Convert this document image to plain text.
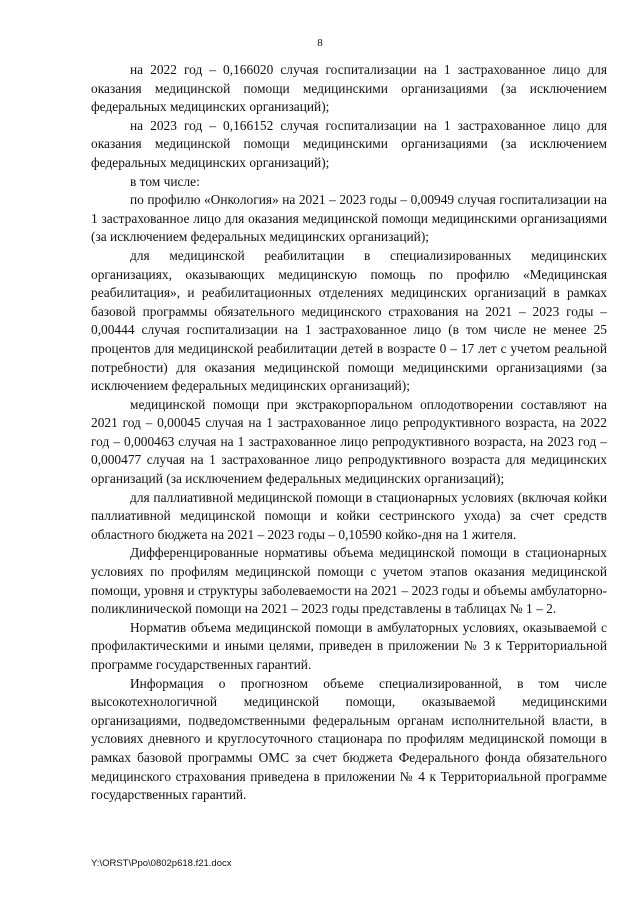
8

на 2022 год – 0,166020 случая госпитализации на 1 застрахованное лицо для оказания медицинской помощи медицинскими организациями (за исключением федеральных медицинских организаций);

на 2023 год – 0,166152 случая госпитализации на 1 застрахованное лицо для оказания медицинской помощи медицинскими организациями (за исключением федеральных медицинских организаций);

в том числе:

по профилю «Онкология» на 2021 – 2023 годы – 0,00949 случая госпитализации на 1 застрахованное лицо для оказания медицинской помощи медицинскими организациями (за исключением федеральных медицинских организаций);

для медицинской реабилитации в специализированных медицинских организациях, оказывающих медицинскую помощь по профилю «Медицинская реабилитация», и реабилитационных отделениях медицинских организаций в рамках базовой программы обязательного медицинского страхования на 2021 – 2023 годы – 0,00444 случая госпитализации на 1 застрахованное лицо (в том числе не менее 25 процентов для медицинской реабилитации детей в возрасте 0 – 17 лет с учетом реальной потребности) для оказания медицинской помощи медицинскими организациями (за исключением федеральных медицинских организаций);

медицинской помощи при экстракорпоральном оплодотворении составляют на 2021 год – 0,00045 случая на 1 застрахованное лицо репродуктивного возраста, на 2022 год – 0,000463 случая на 1 застрахованное лицо репродуктивного возраста, на 2023 год – 0,000477 случая на 1 застрахованное лицо репродуктивного возраста для медицинских организаций (за исключением федеральных медицинских организаций);

для паллиативной медицинской помощи в стационарных условиях (включая койки паллиативной медицинской помощи и койки сестринского ухода) за счет средств областного бюджета на 2021 – 2023 годы – 0,10590 койко-дня на 1 жителя.

Дифференцированные нормативы объема медицинской помощи в стационарных условиях по профилям медицинской помощи с учетом этапов оказания медицинской помощи, уровня и структуры заболеваемости на 2021 – 2023 годы и объемы амбулаторно-поликлинической помощи на 2021 – 2023 годы представлены в таблицах № 1 – 2.

Норматив объема медицинской помощи в амбулаторных условиях, оказываемой с профилактическими и иными целями, приведен в приложении № 3 к Территориальной программе государственных гарантий.

Информация о прогнозном объеме специализированной, в том числе высокотехнологичной медицинской помощи, оказываемой медицинскими организациями, подведомственными федеральным органам исполнительной власти, в условиях дневного и круглосуточного стационара по профилям медицинской помощи в рамках базовой программы ОМС за счет бюджета Федерального фонда обязательного медицинского страхования приведена в приложении № 4 к Территориальной программе государственных гарантий.

Y:\ORST\Ppo\0802p618.f21.docx
